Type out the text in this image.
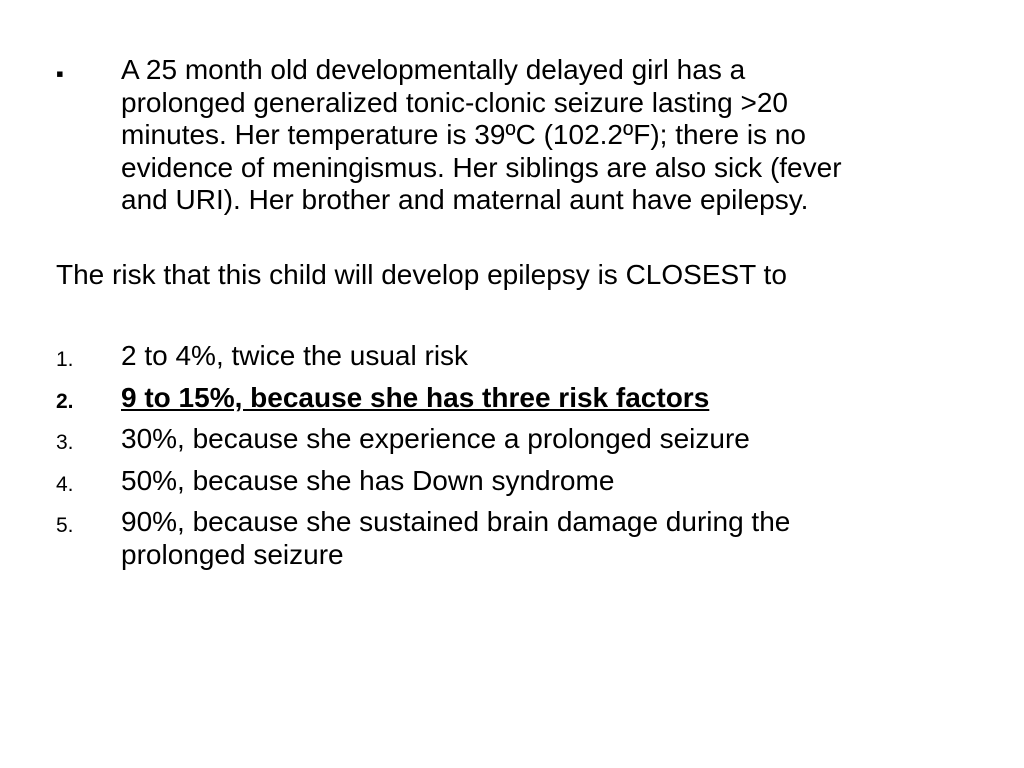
▪ A 25 month old developmentally delayed girl has a
prolonged generalized tonic-clonic seizure lasting >20
minutes. Her temperature is 39ºC (102.2ºF); there is no
evidence of meningismus. Her siblings are also sick (fever
and URI). Her brother and maternal aunt have epilepsy.
The risk that this child will develop epilepsy is CLOSEST to
1. 2 to 4%, twice the usual risk
2. 9 to 15%, because she has three risk factors
3. 30%, because she experience a prolonged seizure
4. 50%, because she has Down syndrome
5. 90%, because she sustained brain damage during the
prolonged seizure
